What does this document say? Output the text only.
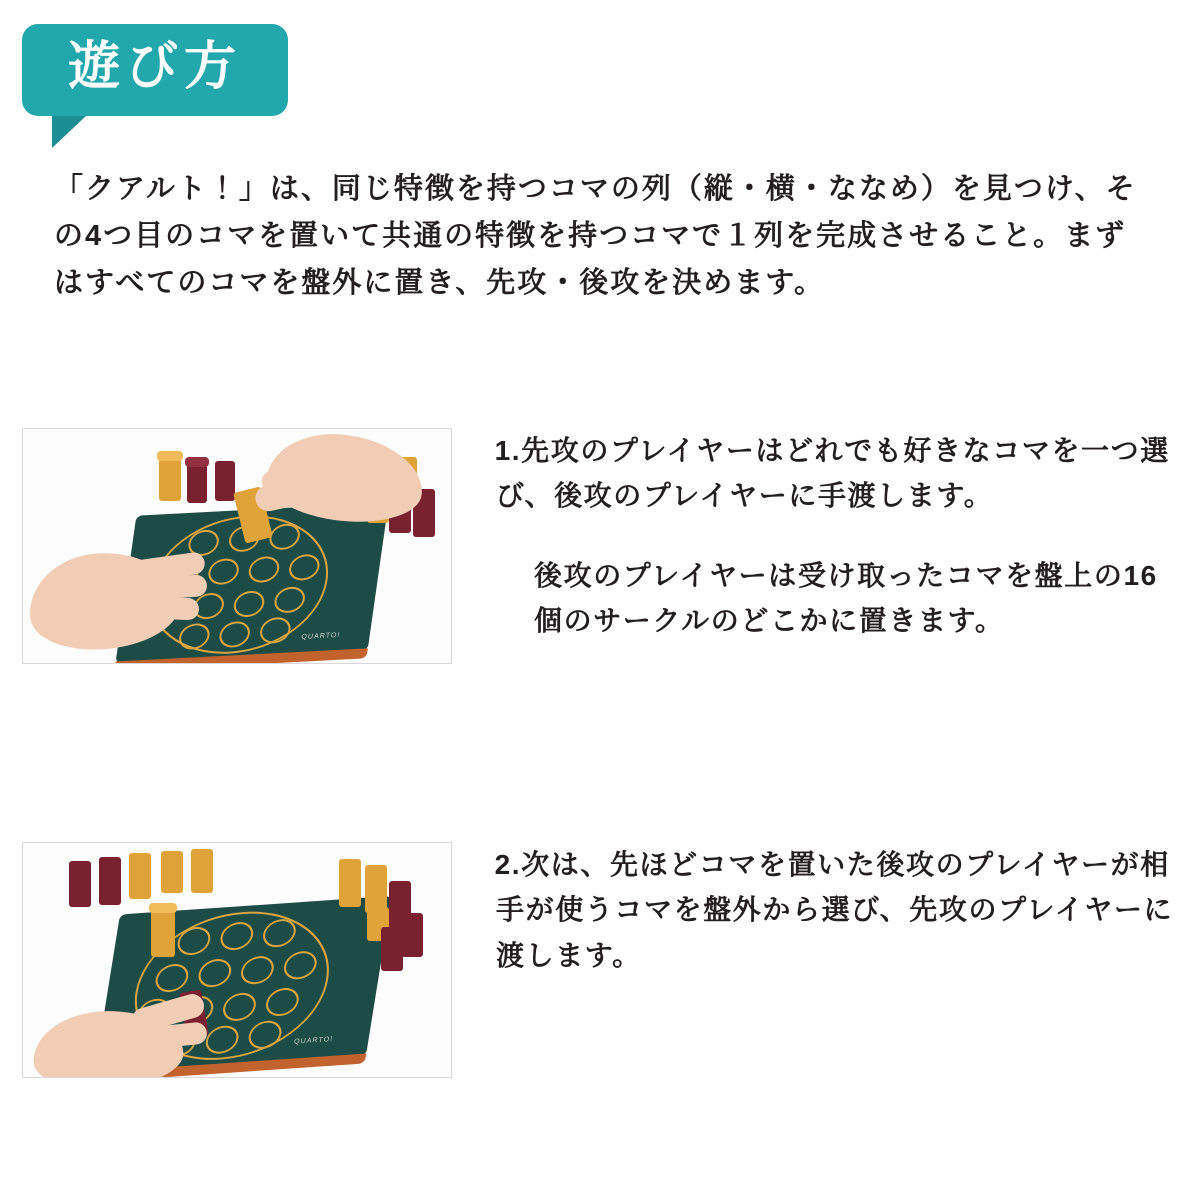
遊び方
「クアルト！」は、同じ特徴を持つコマの列（縦・横・ななめ）を見つけ、その4つ目のコマを置いて共通の特徴を持つコマで１列を完成させること。まずはすべてのコマを盤外に置き、先攻・後攻を決めます。
QUARTO!

1.先攻のプレイヤーはどれでも好きなコマを一つ選び、後攻のプレイヤーに手渡します。

後攻のプレイヤーは受け取ったコマを盤上の16個のサークルのどこかに置きます。

QUARTO!

2.次は、先ほどコマを置いた後攻のプレイヤーが相手が使うコマを盤外から選び、先攻のプレイヤーに渡します。
